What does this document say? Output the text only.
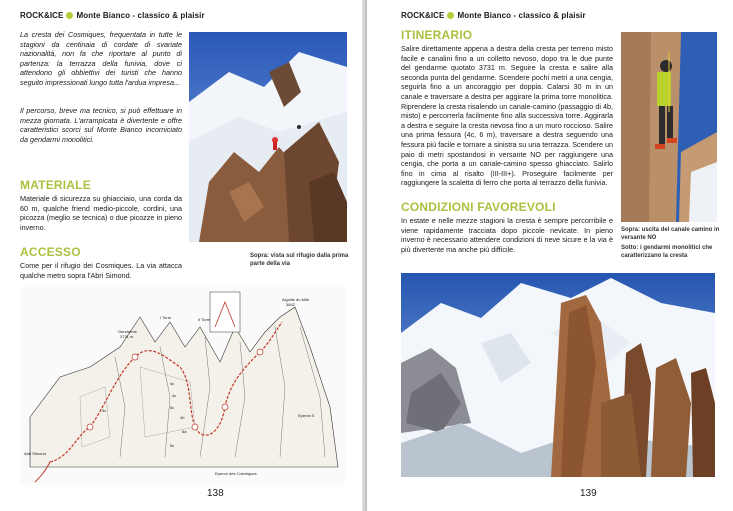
ROCK&ICE Monte Bianco - classico & plaisir

La cresta dei Cosmiques, frequentata in tutte le stagioni da centinaia di cordate di svariate nazionalità, non fa che riportare al punto di partenza: la terrazza della funivia, dove ci attendono gli obbiettivi dei turisti che hanno seguito impressionati lungo tutta l'ardua impresa...

Il percorso, breve ma tecnico, si può effettuare in mezza giornata. L'arrampicata è divertente e offre caratteristici scorci sul Monte Bianco incorniciato da gendarmi monolitici.

MATERIALE

Materiale di sicurezza su ghiacciaio, una corda da 60 m, qualche friend medio-piccole, cordini, una picozza (meglio se tecnica) o due picozze in pieno inverno.

ACCESSO

Come per il rifugio dei Cosmiques. La via attacca qualche metro sopra l'Abri Simond.

Sopra: vista sul rifugio dalla prima parte della via

Aiguille du Midi
3842
Gendarme
3731 m
I Torre	II Torre
Abri Simond
Eperon 5
Eperon des Cosmiques
4c
4c
5c
4b
6a
5c
5c
138
ROCK&ICE Monte Bianco - classico & plaisir
ITINERARIO

Salire direttamente appena a destra della cresta per terreno misto facile e canalini fino a un colletto nevoso, dopo tra le due punte del gendarme quotato 3731 m. Seguire la cresta e salire alla seconda punta del gendarme. Scendere pochi metri a una cengia, seguirla fino a un ancoraggio per doppia. Calarsi 30 m in un canale e traversare a destra per aggirare la prima torre monolitica. Riprendere la cresta risalendo un canale-camino (passaggio di 4b, misto) e percorrerla facilmente fino alla successiva torre. Aggirarla a destra e seguire la cresta nevosa fino a un muro roccioso. Salire una prima fessura (4c, 6 m), traversare a destra seguendo una fessura più facile e tornare a sinistra su una terrazza. Scendere un paio di metri spostandosi in versante NO per raggiungere una cengia, che porta a un canale-camino spesso ghiacciato. Salirlo fino in cima al risalto (III-III+). Proseguire facilmente per raggiungere la scaletta di ferro che porta al terrazzo della funivia.

CONDIZIONI FAVOREVOLI

In estate e nelle mezze stagioni la cresta è sempre percorribile e viene rapidamente tracciata dopo piccole nevicate. In pieno inverno è necessario attendere condizioni di neve sicure e la via è più divertente ma anche più difficile.

Sopra: uscita del canale camino in versante NO

Sotto: i gendarmi monolitici che caratterizzano la cresta

139
